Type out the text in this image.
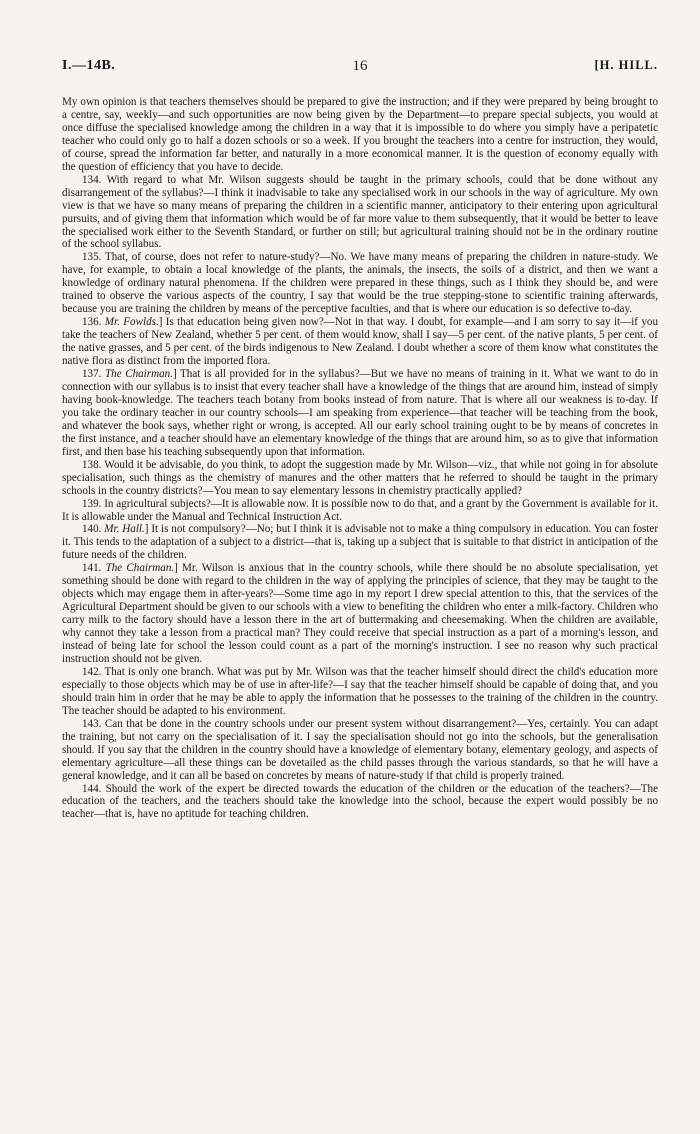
I.—14B.	16	[H. HILL.

My own opinion is that teachers themselves should be prepared to give the instruction; and if they were prepared by being brought to a centre, say, weekly—and such opportunities are now being given by the Department—to prepare special subjects, you would at once diffuse the specialised knowledge among the children in a way that it is impossible to do where you simply have a peripatetic teacher who could only go to half a dozen schools or so a week. If you brought the teachers into a centre for instruction, they would, of course, spread the information far better, and naturally in a more economical manner. It is the question of economy equally with the question of efficiency that you have to decide.

134. With regard to what Mr. Wilson suggests should be taught in the primary schools, could that be done without any disarrangement of the syllabus?—I think it inadvisable to take any specialised work in our schools in the way of agriculture. My own view is that we have so many means of preparing the children in a scientific manner, anticipatory to their entering upon agricultural pursuits, and of giving them that information which would be of far more value to them subsequently, that it would be better to leave the specialised work either to the Seventh Standard, or further on still; but agricultural training should not be in the ordinary routine of the school syllabus.

135. That, of course, does not refer to nature-study?—No. We have many means of preparing the children in nature-study. We have, for example, to obtain a local knowledge of the plants, the animals, the insects, the soils of a district, and then we want a knowledge of ordinary natural phenomena. If the children were prepared in these things, such as I think they should be, and were trained to observe the various aspects of the country, I say that would be the true stepping-stone to scientific training afterwards, because you are training the children by means of the perceptive faculties, and that is where our education is so defective to-day.

136. Mr. Fowlds.] Is that education being given now?—Not in that way. I doubt, for example—and I am sorry to say it—if you take the teachers of New Zealand, whether 5 per cent. of them would know, shall I say—5 per cent. of the native plants, 5 per cent. of the native grasses, and 5 per cent. of the birds indigenous to New Zealand. I doubt whether a score of them know what constitutes the native flora as distinct from the imported flora.

137. The Chairman.] That is all provided for in the syllabus?—But we have no means of training in it. What we want to do in connection with our syllabus is to insist that every teacher shall have a knowledge of the things that are around him, instead of simply having book-knowledge. The teachers teach botany from books instead of from nature. That is where all our weakness is to-day. If you take the ordinary teacher in our country schools—I am speaking from experience—that teacher will be teaching from the book, and whatever the book says, whether right or wrong, is accepted. All our early school training ought to be by means of concretes in the first instance, and a teacher should have an elementary knowledge of the things that are around him, so as to give that information first, and then base his teaching subsequently upon that information.

138. Would it be advisable, do you think, to adopt the suggestion made by Mr. Wilson—viz., that while not going in for absolute specialisation, such things as the chemistry of manures and the other matters that he referred to should be taught in the primary schools in the country districts?—You mean to say elementary lessons in chemistry practically applied?

139. In agricultural subjects?—It is allowable now. It is possible now to do that, and a grant by the Government is available for it. It is allowable under the Manual and Technical Instruction Act.

140. Mr. Hall.] It is not compulsory?—No; but I think it is advisable not to make a thing compulsory in education. You can foster it. This tends to the adaptation of a subject to a district—that is, taking up a subject that is suitable to that district in anticipation of the future needs of the children.

141. The Chairman.] Mr. Wilson is anxious that in the country schools, while there should be no absolute specialisation, yet something should be done with regard to the children in the way of applying the principles of science, that they may be taught to the objects which may engage them in after-years?—Some time ago in my report I drew special attention to this, that the services of the Agricultural Department should be given to our schools with a view to benefiting the children who enter a milk-factory. Children who carry milk to the factory should have a lesson there in the art of buttermaking and cheesemaking. When the children are available, why cannot they take a lesson from a practical man? They could receive that special instruction as a part of a morning's lesson, and instead of being late for school the lesson could count as a part of the morning's instruction. I see no reason why such practical instruction should not be given.

142. That is only one branch. What was put by Mr. Wilson was that the teacher himself should direct the child's education more especially to those objects which may be of use in after-life?—I say that the teacher himself should be capable of doing that, and you should train him in order that he may be able to apply the information that he possesses to the training of the children in the country. The teacher should be adapted to his environment.

143. Can that be done in the country schools under our present system without disarrangement?—Yes, certainly. You can adapt the training, but not carry on the specialisation of it. I say the specialisation should not go into the schools, but the generalisation should. If you say that the children in the country should have a knowledge of elementary botany, elementary geology, and aspects of elementary agriculture—all these things can be dovetailed as the child passes through the various standards, so that he will have a general knowledge, and it can all be based on concretes by means of nature-study if that child is properly trained.

144. Should the work of the expert be directed towards the education of the children or the education of the teachers?—The education of the teachers, and the teachers should take the knowledge into the school, because the expert would possibly be no teacher—that is, have no aptitude for teaching children.
